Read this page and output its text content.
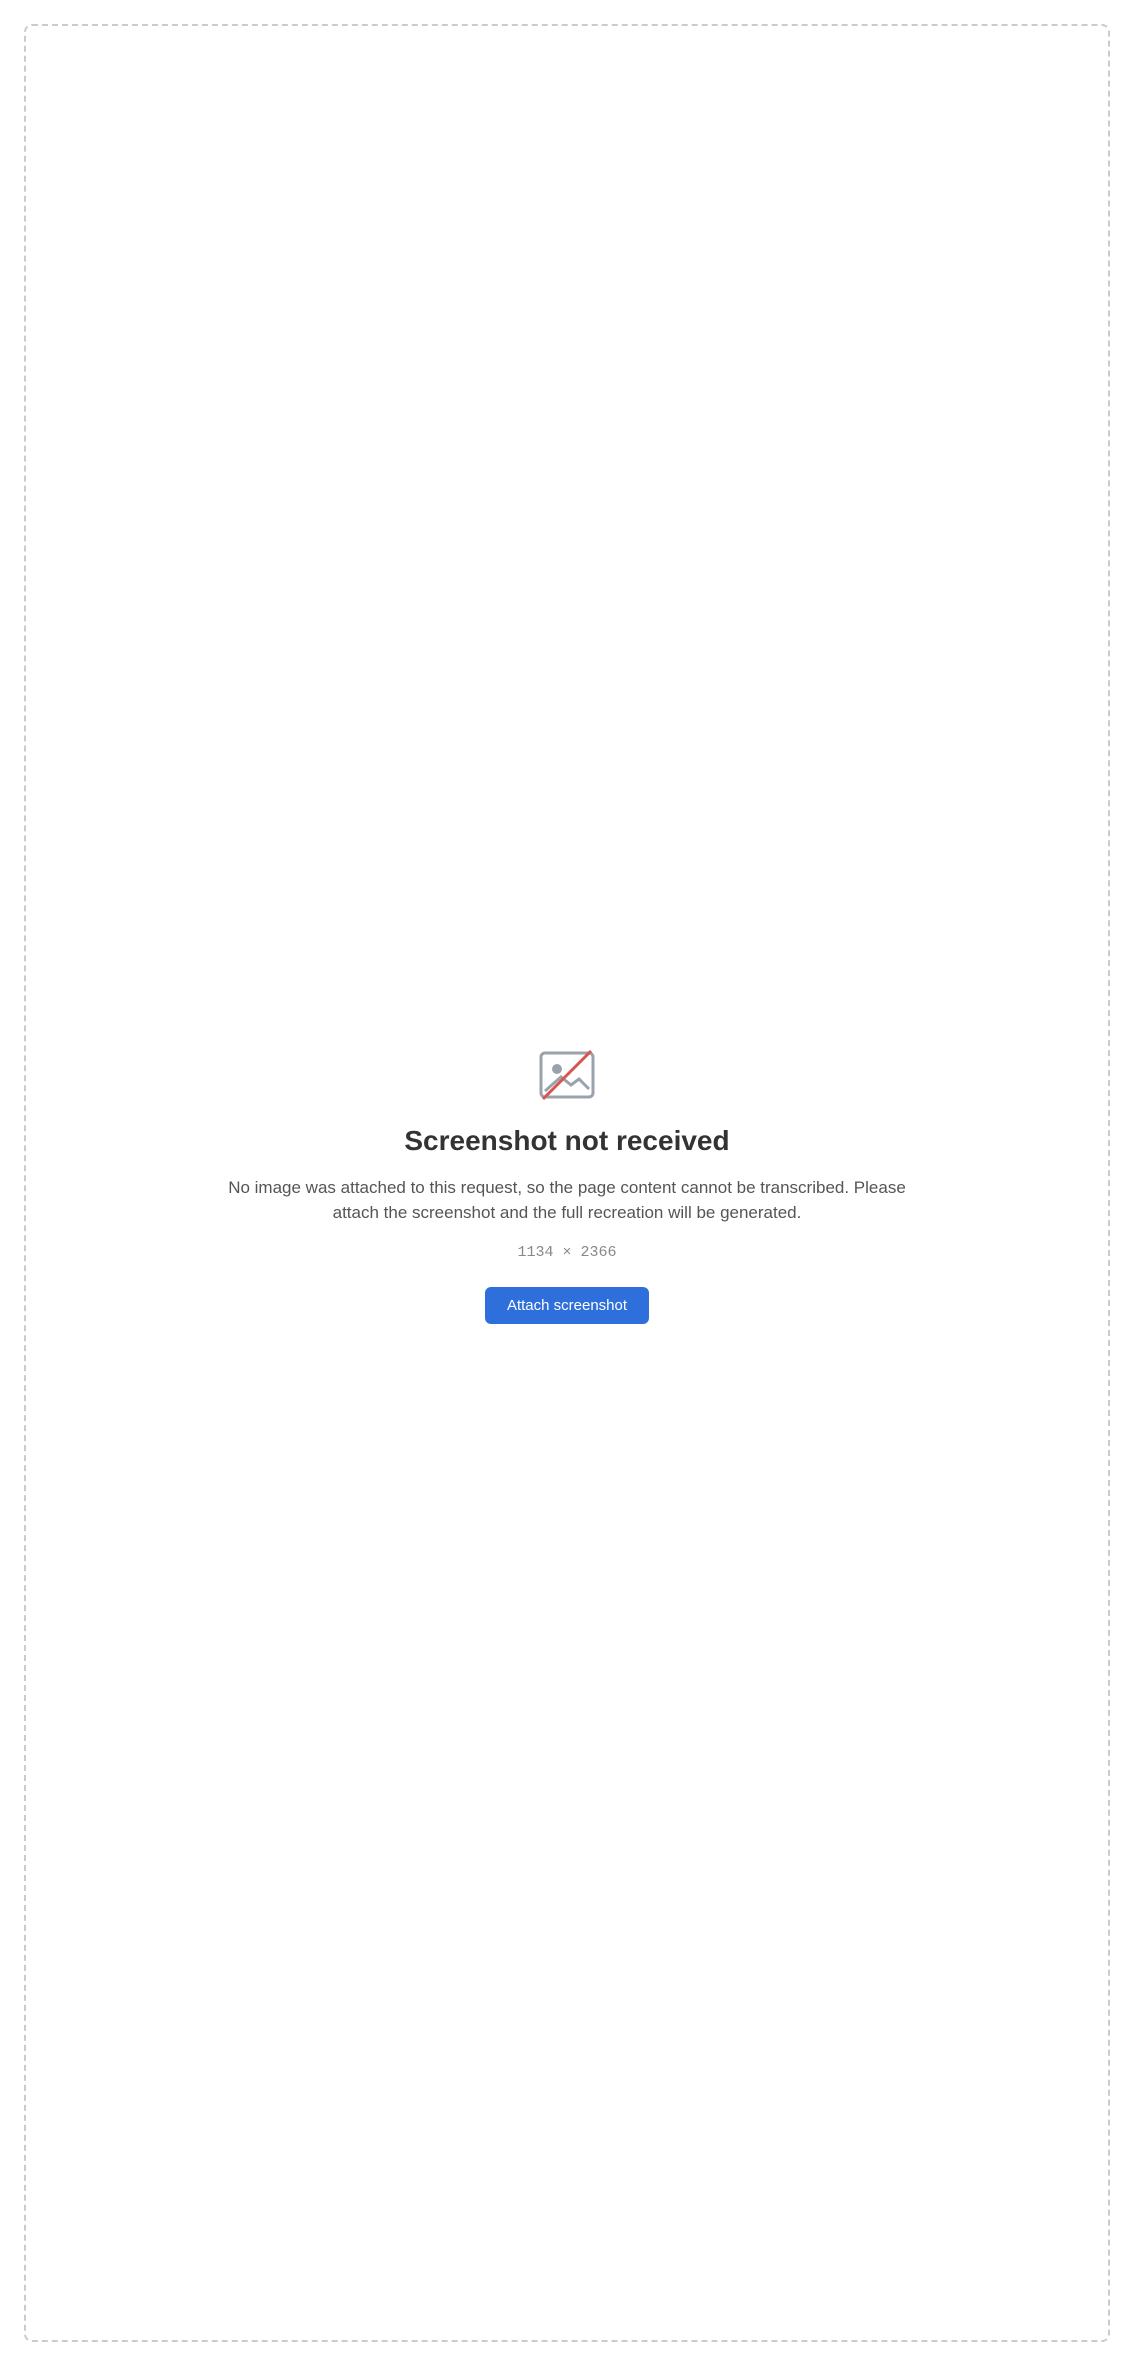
Screenshot not received

No image was attached to this request, so the page content cannot be transcribed. Please attach the screenshot and the full recreation will be generated.

1134 × 2366
Attach screenshot
